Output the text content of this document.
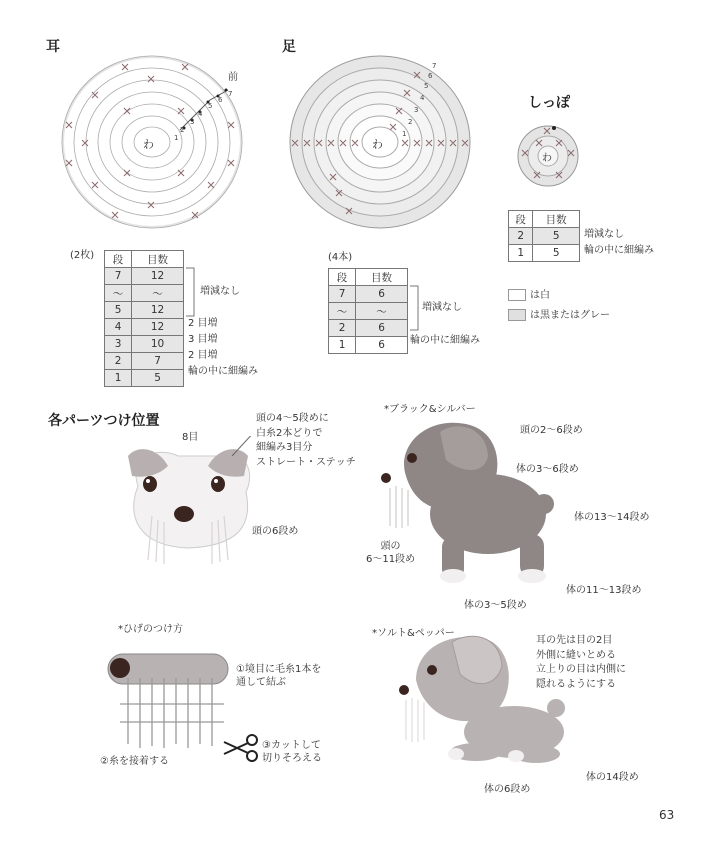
耳
わ	1
2
3
4
5
6
7
前
(2枚) 段	目数
7	12
〜	〜
5	12
4	12
3	10
2	7
1	5
増減なし
2 目増
3 目増
2 目増
輪の中に細編み
足
わ
1
2
3
4
5
6
7
(4本)
段	目数
7	6
〜	〜
2	6
1	6
増減なし
輪の中に細編み
しっぽ
わ
段	目数
2	5
1	5
増減なし
輪の中に細編み
は白
は黒またはグレー
各パーツつけ位置
8目
頭の4〜5段めに
白糸2本どりで
細編み3目分
ストレート・ステッチ
頭の6段め
*ブラック&シルバー
頭の2〜6段め
体の3〜6段め
体の13〜14段め
頭の
6〜11段め
体の11〜13段め
体の3〜5段め
*ひげのつけ方
①境目に毛糸1本を
通して結ぶ
②糸を接着する
③カットして
切りそろえる
*ソルト&ペッパー
耳の先は目の2目
外側に縫いとめる
立上りの目は内側に
隠れるようにする
体の14段め
体の6段め
63
